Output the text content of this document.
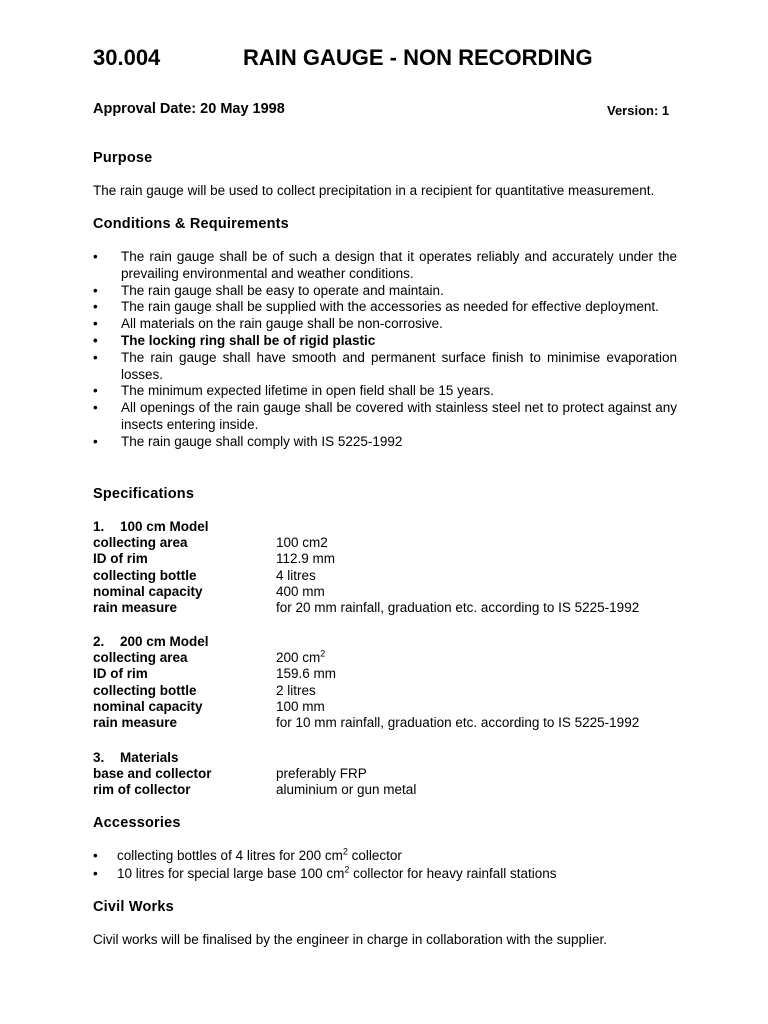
30.004	RAIN GAUGE - NON RECORDING
Approval Date: 20 May 1998	Version: 1
Purpose
The rain gauge will be used to collect precipitation in a recipient for quantitative measurement.
Conditions & Requirements
• The rain gauge shall be of such a design that it operates reliably and accurately under the prevailing environmental and weather conditions.
• The rain gauge shall be easy to operate and maintain.
• The rain gauge shall be supplied with the accessories as needed for effective deployment.
• All materials on the rain gauge shall be non-corrosive.
• The locking ring shall be of rigid plastic
• The rain gauge shall have smooth and permanent surface finish to minimise evaporation losses.
• The minimum expected lifetime in open field shall be 15 years.
• All openings of the rain gauge shall be covered with stainless steel net to protect against any insects entering inside.
• The rain gauge shall comply with IS 5225-1992
Specifications
1. 100 cm Model
collecting area	100 cm2
ID of rim	112.9 mm
collecting bottle	4 litres
nominal capacity	400 mm
rain measure	for 20 mm rainfall, graduation etc. according to IS 5225-1992
2. 200 cm Model
collecting area	200 $cm^2$
ID of rim	159.6 mm
collecting bottle	2 litres
nominal capacity	100 mm
rain measure	for 10 mm rainfall, graduation etc. according to IS 5225-1992
3. Materials
base and collector	preferably FRP
rim of collector	aluminium or gun metal
Accessories
• collecting bottles of 4 litres for 200 $cm^2$ collector
• 10 litres for special large base 100 $cm^2$ collector for heavy rainfall stations
Civil Works
Civil works will be finalised by the engineer in charge in collaboration with the supplier.
